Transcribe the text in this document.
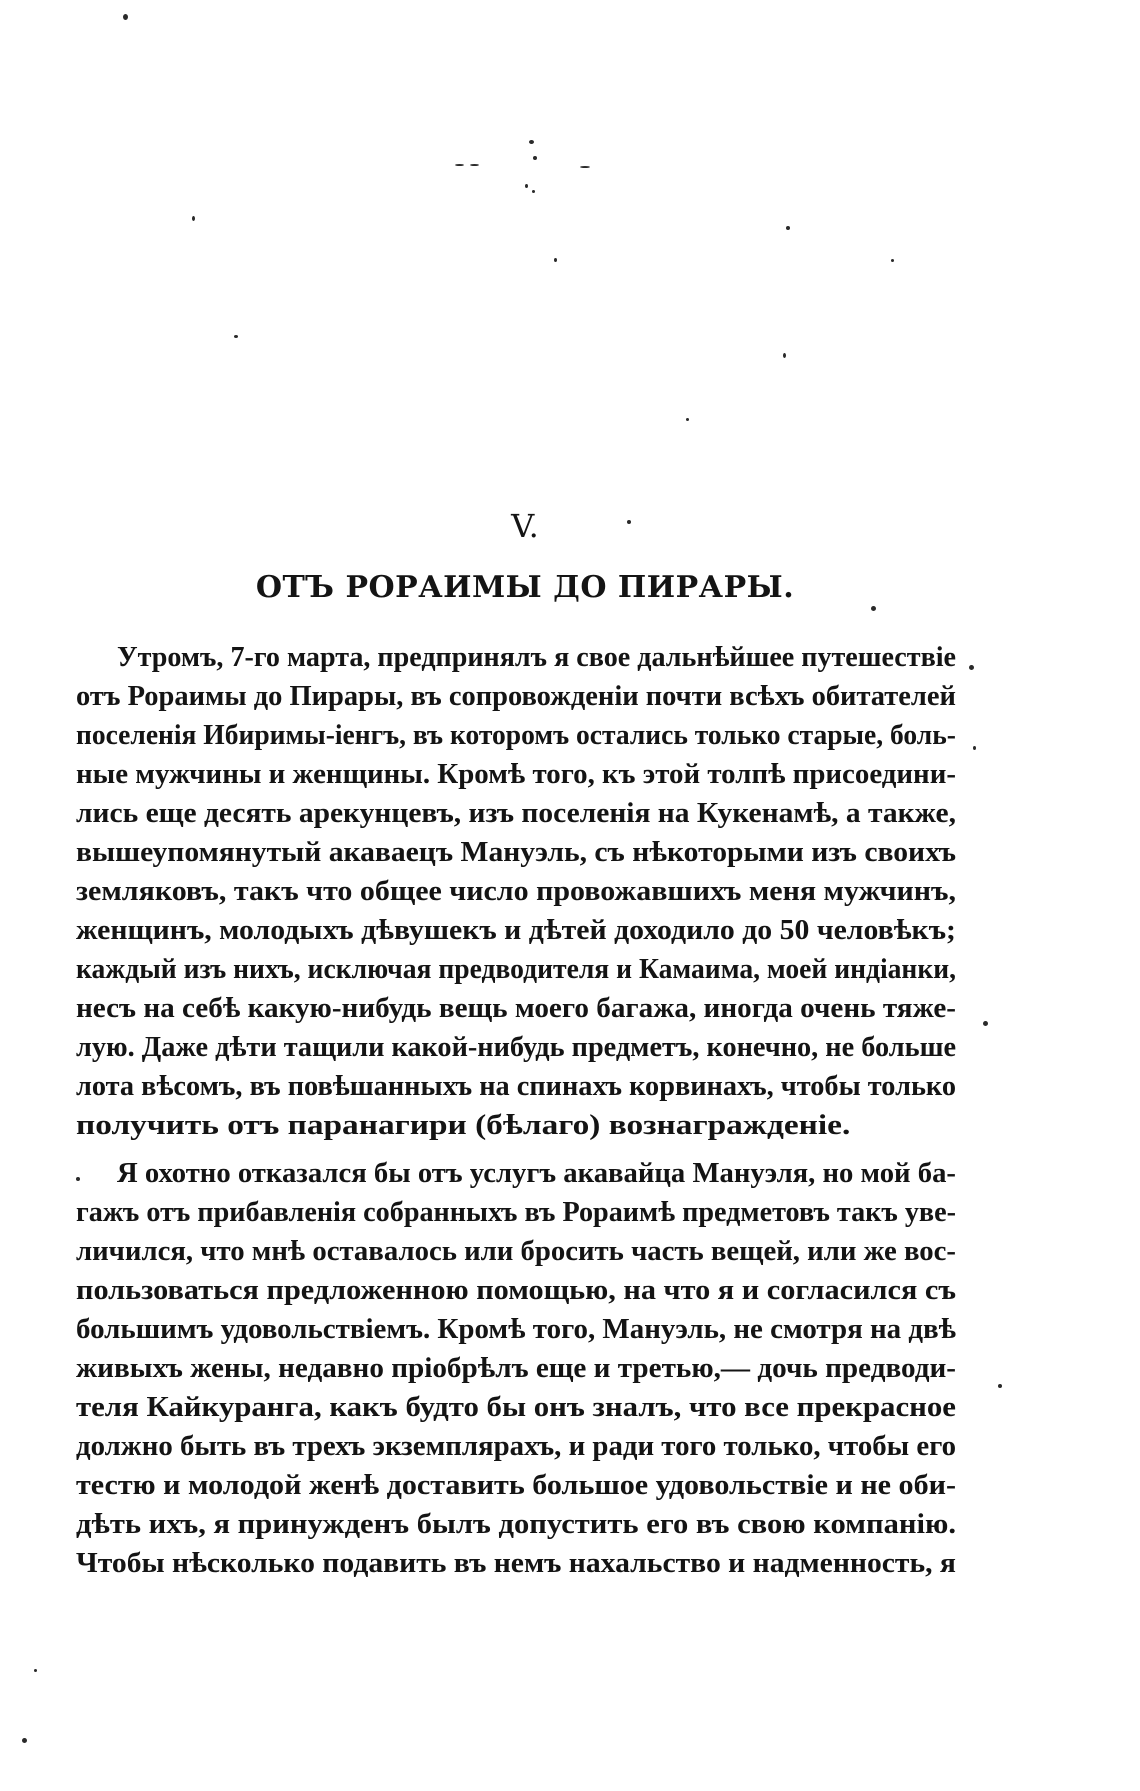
V.
ОТЪ РОРАИМЫ ДО ПИРАРЫ.
Утромъ, 7-го марта, предпринялъ я свое дальнѣйшее путешествіе
отъ Рораимы до Пирары, въ сопровожденіи почти всѣхъ обитателей
поселенія Ибиримы-іенгъ, въ которомъ остались только старые, боль-
ные мужчины и женщины. Кромѣ того, къ этой толпѣ присоедини-
лись еще десять арекунцевъ, изъ поселенія на Кукенамѣ, а также,
вышеупомянутый акавaецъ Мануэль, съ нѣкоторыми изъ своихъ
земляковъ, такъ что общее число провожавшихъ меня мужчинъ,
женщинъ, молодыхъ дѣвушекъ и дѣтей доходило до 50 человѣкъ;
каждый изъ нихъ, исключая предводителя и Камаима, моей индіанки,
несъ на себѣ какую-нибудь вещь моего багажа, иногда очень тяже-
лую. Даже дѣти тащили какой-нибудь предметъ, конечно, не больше
лота вѣсомъ, въ повѣшанныхъ на спинахъ корвинахъ, чтобы только
получить отъ паранагири (бѣлаго) вознагражденіе.
Я охотно отказался бы отъ услугъ акавайца Мануэля, но мой ба-
гажъ отъ прибавленія собранныхъ въ Рораимѣ предметовъ такъ уве-
личился, что мнѣ оставалось или бросить часть вещей, или же вос-
пользоваться предложенною помощью, на что я и согласился съ
большимъ удовольствіемъ. Кромѣ того, Мануэль, не смотря на двѣ
живыхъ жены, недавно пріобрѣлъ еще и третью,— дочь предводи-
теля Кайкуранга, какъ будто бы онъ зналъ, что все прекрасное
должно быть въ трехъ экземплярахъ, и ради того только, чтобы его
тестю и молодой женѣ доставить большое удовольствіе и не оби-
дѣть ихъ, я принужденъ былъ допустить его въ свою компанію.
Чтобы нѣсколько подавить въ немъ нахальство и надменность, я
